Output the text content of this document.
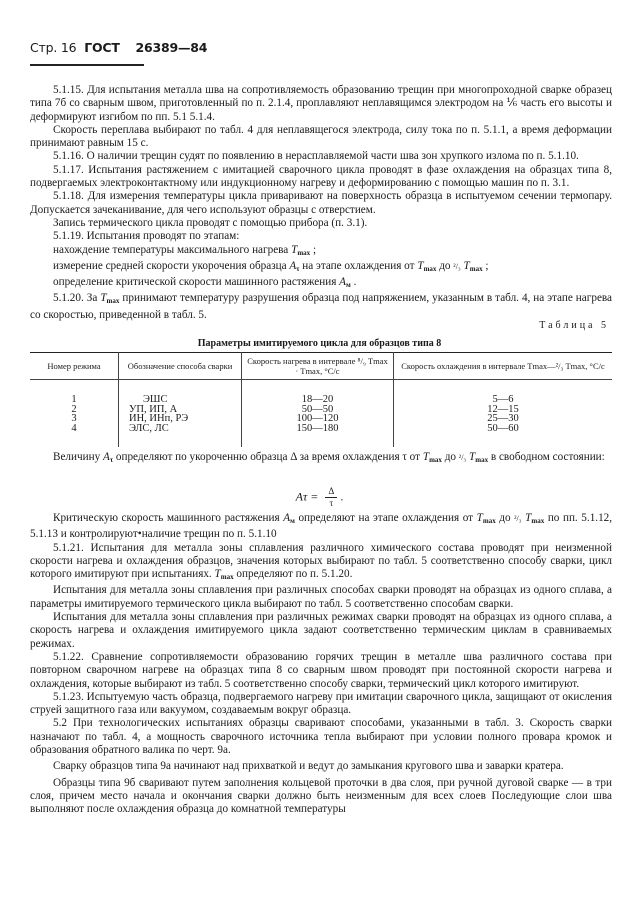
Стр. 16 ГОСТ 26389—84

5.1.15. Для испытания металла шва на сопротивляемость образованию трещин при многопроходной сварке образец типа 7б со сварным швом, приготовленный по п. 2.1.4, проплавляют неплавящимся электродом на ⅙ часть его высоты и деформируют изгибом по пп. 5.1 5.1.4.

Скорость переплава выбирают по табл. 4 для неплавящегося электрода, силу тока по п. 5.1.1, а время деформации принимают равным 15 с.

5.1.16. О наличии трещин судят по появлению в нерасплавляемой части шва зон хрупкого излома по п. 5.1.10.

5.1.17. Испытания растяжением с имитацией сварочного цикла проводят в фазе охлаждения на образцах типа 8, подвергаемых электроконтактному или индукционному нагреву и деформированию с помощью машин по п. 3.1.

5.1.18. Для измерения температуры цикла приваривают на поверхность образца в испытуемом сечении термопару. Допускается зачеканивание, для чего используют образцы с отверстием.

Запись термического цикла проводят с помощью прибора (п. 3.1).

5.1.19. Испытания проводят по этапам:

нахождение температуры максимального нагрева $T_{max}$ ;

измерение средней скорости укорочения образца $A_\tau$ на этапе охлаждения от $T_{max}$ до ²/₃ $T_{max}$ ;

определение критической скорости машинного растяжения $A_м$ .

5.1.20. За $T_{max}$ принимают температуру разрушения образца под напряжением, указанным в табл. 4, на этапе нагрева со скоростью, приведенной в табл. 5.

Таблица 5
Параметры имитируемого цикла для образцов типа 8
Номер режима	Обозначение способа сварки	Скорость нагрева в интервале ⁸/₉ Tmax · Tmax, °С/с	Скорость охлаждения в интервале Tmax—²/₃ Tmax, °С/с
1	ЭШС	18—20	5—6
2	УП, ИП, А	50—50	12—15
3	ИН, ИНп, РЭ	100—120	25—30
4	ЭЛС, ЛС	150—180	50—60

Величину $A_\tau$ определяют по укороченню образца Δ за время охлаждения τ от $T_{max}$ до ²/₃ $T_{max}$ в свободном состоянии:

$A\tau = \frac{\Delta}{\tau}$ .

Критическую скорость машинного растяжения $A_м$ определяют на этапе охлаждения от $T_{max}$ до ²/₃ $T_{max}$ по пп. 5.1.12, 5.1.13 и контролируют•наличие трещин по п. 5.1.10

5.1.21. Испытания для металла зоны сплавления различного химического состава проводят при неизменной скорости нагрева и охлаждения образцов, значения которых выбирают по табл. 5 соответственно способу сварки, цикл которого имитируют при испытаниях. $T_{max}$ определяют по п. 5.1.20.

Испытания для металла зоны сплавления при различных способах сварки проводят на образцах из одного сплава, а параметры имитируемого термического цикла выбирают по табл. 5 соответственно способам сварки.

Испытания для металла зоны сплавления при различных режимах сварки проводят на образцах из одного сплава, а скорость нагрева и охлаждения имитируемого цикла задают соответственно термическим циклам в сравниваемых режимах.

5.1.22. Сравнение сопротивляемости образованию горячих трещин в металле шва различного состава при повторном сварочном нагреве на образцах типа 8 со сварным швом проводят при постоянной скорости нагрева и охлаждения, которые выбирают из табл. 5 соответственно способу сварки, термический цикл которого имитируют.

5.1.23. Испытуемую часть образца, подвергаемого нагреву при имитации сварочного цикла, защищают от окисления струей защитного газа или вакуумом, создаваемым вокруг образца.

5.2 При технологических испытаниях образцы сваривают способами, указанными в табл. 3. Скорость сварки назначают по табл. 4, а мощность сварочного источника тепла выбирают при условии полного провара кромок и образования обратного валика по черт. 9а.

Сварку образцов типа 9а начинают над прихваткой и ведут до замыкания кругового шва и заварки кратера.

Образцы типа 9б сваривают путем заполнения кольцевой проточки в два слоя, при ручной дуговой сварке — в три слоя, причем место начала и окончания сварки должно быть неизменным для всех слоев Последующие слои шва выполняют после охлаждения образца до комнатной температуры
